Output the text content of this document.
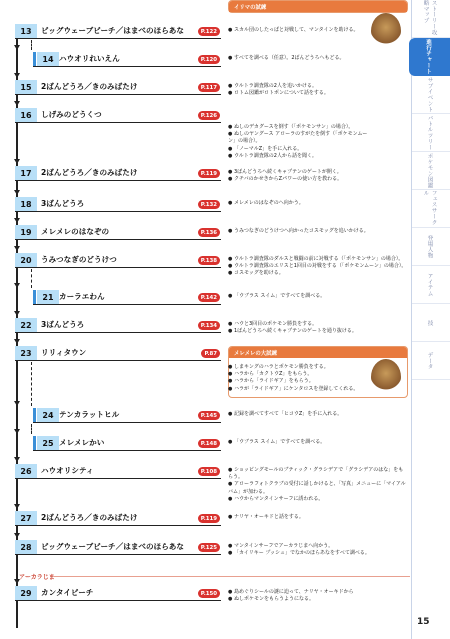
ストーリー攻略マップ
進行チャート
サブイベント
バトルツリー
ポケモン図鑑
フェスサークル
登場人物
アイテム
技
データ
13	ビッグウェーブビーチ／はまべのほらあな	P.122	● スカル団のしたっぱと対戦して、マンタインを助ける。
14 ハウオリれいえん	P.120	● すべてを調べる（任意）。2ばんどうろへもどる。
15	2ばんどうろ／きのみばたけ	P.117	● ウルトラ調査隊の2人を追いかける。
● ロトム図鑑がロトポンについて話をする。
16	しげみのどうくつ	P.126
イリマの試練
● ぬしのデカグースを倒す（「ポケモンサン」の場合）。
● ぬしのヤングース アローラのすがたを倒す（「ポケモンムーン」の場合）。
● 「ノーマルZ」を手に入れる。
● ウルトラ調査隊の2人から話を聞く。
17	2ばんどうろ／きのみばたけ	P.119	● 3ばんどうろへ続くキャプテンのゲートが開く。
● クチバのかせきからZパワーの使い方を教わる。
18	3ばんどうろ	P.132	● メレメレのはなぞのへ向かう。
19	メレメレのはなぞの	P.136	● うみつなぎのどうけつへ向かったコスモッグを追いかける。
20	うみつなぎのどうけつ	P.138	● ウルトラ調査隊のダルスと戦闘の前に対戦する（「ポケモンサン」の場合）。
● ウルトラ調査隊のエリスと1回目の対戦をする（「ポケモンムーン」の場合）。
● コスモッグを助ける。
21 カーラエわん	P.142	● 「ウブラス スイム」ですべてを調べる。
22	3ばんどうろ	P.134	● ハウと3回目のポケモン勝負をする。
● 1ばんどうろへ続くキャプテンのゲートを通り抜ける。
23	リリィタウン	P.87	メレメレの大試練
● しまキングのハラとポケモン勝負をする。
● ハラから「カクトウZ」をもらう。
● ハラから「ライドギア」をもらう。
● ハラが「ライドギア」にケンタロスを登録してくれる。
24 テンカラットヒル	P.145	● 記録を調べてすべて「ヒコウZ」を手に入れる。
25 メレメレかい	P.148	● 「ウブラス スイム」ですべてを調べる。
26	ハウオリシティ	P.108	● ショッピングモールのブティック・グラシデアで「グラシデアのはな」をもらう。
● アローラフォトクラブの受付に話しかけると、「写真」メニューに「マイアルバム」が加わる。
● ハウからマンタインサーフに誘われる。
27	2ばんどうろ／きのみばたけ	P.119	● ナリヤ・オーキドと話をする。
28	ビッグウェーブビーチ／はまべのほらあな	P.125	● マンタインサーフでアーカラじまへ向かう。
● 「カイリキー プッシュ」でなかのほらあなをすべて調べる。
29	カンタイビーチ	P.150	● 島めぐりシールの謎に迫って、ナリヤ・オーキドから
● ぬしポケモンをもらうようになる。
アーカラじま
15
